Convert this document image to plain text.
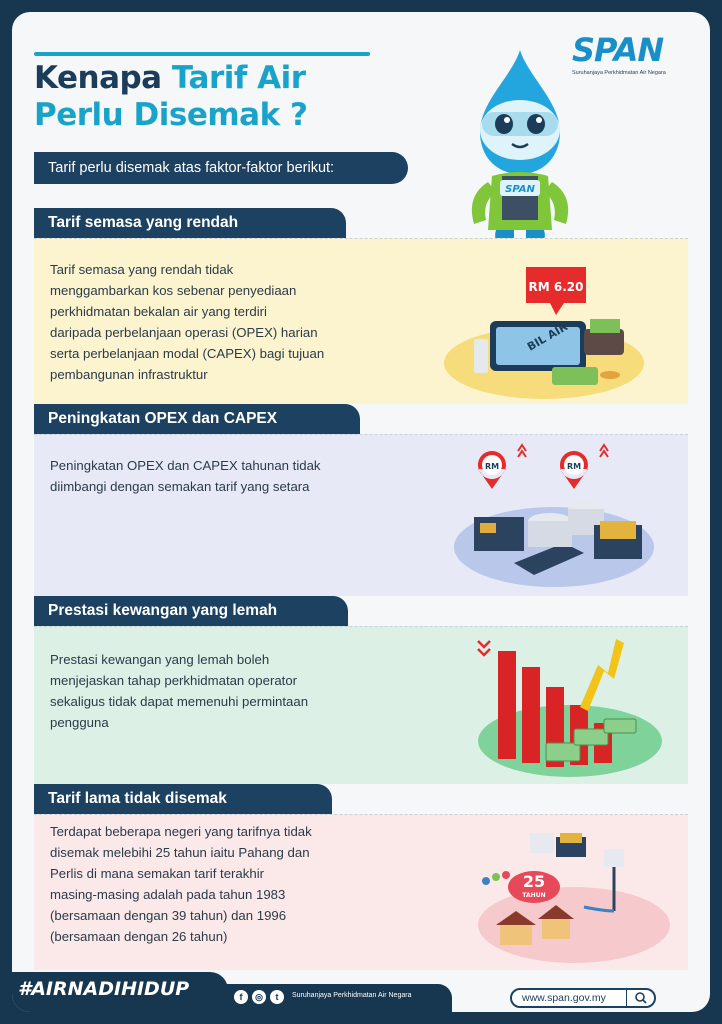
Kenapa Tarif Air
Perlu Disemak ?
Tarif perlu disemak atas faktor-faktor berikut:
SPAN
Suruhanjaya Perkhidmatan Air Negara
SPAN
Tarif semasa yang rendah
Tarif semasa yang rendah tidak
menggambarkan kos sebenar penyediaan
perkhidmatan bekalan air yang terdiri
daripada perbelanjaan operasi (OPEX) harian
serta perbelanjaan modal (CAPEX) bagi tujuan
pembangunan infrastruktur
BIL AIR
RM 6.20
Peningkatan OPEX dan CAPEX
Peningkatan OPEX dan CAPEX tahunan tidak
diimbangi dengan semakan tarif yang setara
RM	RM
Prestasi kewangan yang lemah
Prestasi kewangan yang lemah boleh
menjejaskan tahap perkhidmatan operator
sekaligus tidak dapat memenuhi permintaan
pengguna
Tarif lama tidak disemak
Terdapat beberapa negeri yang tarifnya tidak
disemak melebihi 25 tahun iaitu Pahang dan
Perlis di mana semakan tarif terakhir
masing-masing adalah pada tahun 1983
(bersamaan dengan 39 tahun) dan 1996
(bersamaan dengan 26 tahun)
25
TAHUN
#AIRNADIHIDUP	f	◎	t	Suruhanjaya Perkhidmatan Air Negara	www.span.gov.my
